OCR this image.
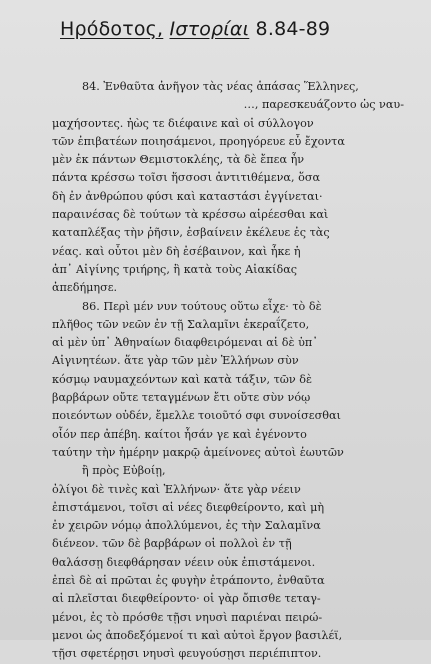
Ηρόδοτος, Ιστορίαι 8.84-89
84. Ἐνθαῦτα ἀνῆγον τὰς νέας ἁπάσας Ἕλληνες,
…, παρεσκευάζοντο ὡς ναυ-
μαχήσοντες. ἠὼς τε διέφαινε καὶ οἱ σύλλογον
τῶν ἐπιβατέων ποιησάμενοι, προηγόρευε εὖ ἔχοντα
μὲν ἐκ πάντων Θεμιστοκλέης, τὰ δὲ ἔπεα ἦν
πάντα κρέσσω τοῖσι ἥσσοσι ἀντιτιθέμενα, ὅσα
δὴ ἐν ἀνθρώπου φύσι καὶ καταστάσι ἐγγίνεται·
παραινέσας δὲ τούτων τὰ κρέσσω αἱρέεσθαι καὶ
καταπλέξας τὴν ῥῆσιν, ἐσβαίνειν ἐκέλευε ἐς τὰς
νέας. καὶ οὗτοι μὲν δὴ ἐσέβαινον, καὶ ἧκε ἡ
ἀπ᾽ Αἰγίνης τριήρης, ἣ κατὰ τοὺς Αἰακίδας
ἀπεδήμησε.
86. Περὶ μέν νυν τούτους οὕτω εἶχε· τὸ δὲ
πλῆθος τῶν νεῶν ἐν τῇ Σαλαμῖνι ἐκεραΐζετο,
αἱ μὲν ὑπ᾽ Ἀθηναίων διαφθειρόμεναι αἱ δὲ ὑπ᾽
Αἰγινητέων. ἅτε γὰρ τῶν μὲν Ἑλλήνων σὺν
κόσμῳ ναυμαχεόντων καὶ κατὰ τάξιν, τῶν δὲ
βαρβάρων οὔτε τεταγμένων ἔτι οὔτε σὺν νόῳ
ποιεόντων οὐδέν, ἔμελλε τοιοῦτό σφι συνοίσεσθαι
οἷόν περ ἀπέβη. καίτοι ἦσάν γε καὶ ἐγένοντο
ταύτην τὴν ἡμέρην μακρῷ ἀμείνονες αὐτοὶ ἑωυτῶν
ἢ πρὸς Εὐβοίῃ,
ὀλίγοι δὲ τινὲς καὶ Ἑλλήνων· ἅτε γὰρ νέειν
ἐπιστάμενοι, τοῖσι αἱ νέες διεφθείροντο, καὶ μὴ
ἐν χειρῶν νόμῳ ἀπολλύμενοι, ἐς τὴν Σαλαμῖνα
διένεον. τῶν δὲ βαρβάρων οἱ πολλοὶ ἐν τῇ
θαλάσσῃ διεφθάρησαν νέειν οὐκ ἐπιστάμενοι.
ἐπεὶ δὲ αἱ πρῶται ἐς φυγὴν ἐτράποντο, ἐνθαῦτα
αἱ πλεῖσται διεφθείροντο· οἱ γὰρ ὄπισθε τεταγ-
μένοι, ἐς τὸ πρόσθε τῇσι νηυσὶ παριέναι πειρώ-
μενοι ὡς ἀποδεξόμενοί τι καὶ αὐτοὶ ἔργον βασιλέϊ,
τῇσι σφετέρῃσι νηυσὶ φευγούσῃσι περιέπιπτον.
